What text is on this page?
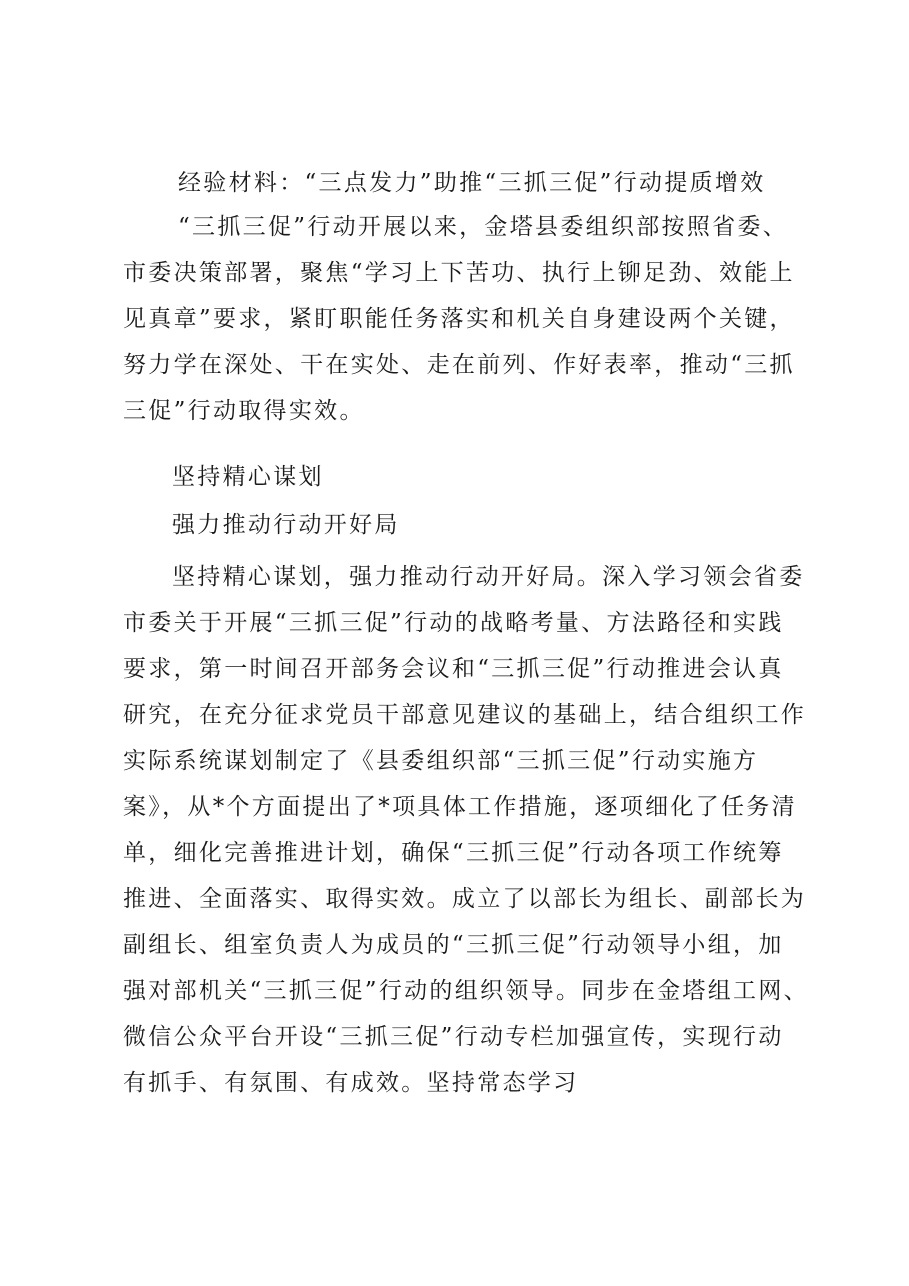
经验材料：“三点发力”助推“三抓三促”行动提质增效
“三抓三促”行动开展以来，金塔县委组织部按照省委、
市委决策部署，聚焦“学习上下苦功、执行上铆足劲、效能上
见真章”要求，紧盯职能任务落实和机关自身建设两个关键，
努力学在深处、干在实处、走在前列、作好表率，推动“三抓
三促”行动取得实效。
坚持精心谋划
强力推动行动开好局
坚持精心谋划，强力推动行动开好局。深入学习领会省委
市委关于开展“三抓三促”行动的战略考量、方法路径和实践
要求，第一时间召开部务会议和“三抓三促”行动推进会认真
研究，在充分征求党员干部意见建议的基础上，结合组织工作
实际系统谋划制定了《县委组织部“三抓三促”行动实施方
案》，从*个方面提出了*项具体工作措施，逐项细化了任务清
单，细化完善推进计划，确保“三抓三促”行动各项工作统筹
推进、全面落实、取得实效。成立了以部长为组长、副部长为
副组长、组室负责人为成员的“三抓三促”行动领导小组，加
强对部机关“三抓三促”行动的组织领导。同步在金塔组工网、
微信公众平台开设“三抓三促”行动专栏加强宣传，实现行动
有抓手、有氛围、有成效。坚持常态学习
